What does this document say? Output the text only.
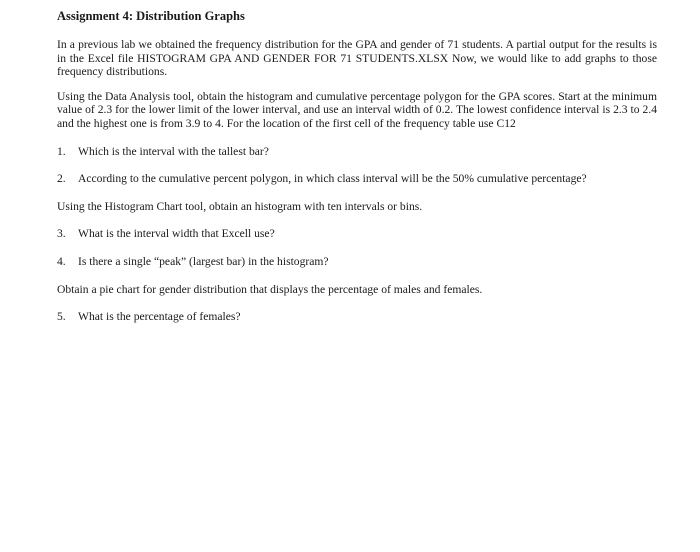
Assignment 4: Distribution Graphs

In a previous lab we obtained the frequency distribution for the GPA and gender of 71 students. A partial output for the results is in the Excel file HISTOGRAM GPA AND GENDER FOR 71 STUDENTS.XLSX Now, we would like to add graphs to those frequency distributions.

Using the Data Analysis tool, obtain the histogram and cumulative percentage polygon for the GPA scores. Start at the minimum value of 2.3 for the lower limit of the lower interval, and use an interval width of 0.2. The lowest confidence interval is 2.3 to 2.4 and the highest one is from 3.9 to 4. For the location of the first cell of the frequency table use C12

1.	Which is the interval with the tallest bar?
2.	According to the cumulative percent polygon, in which class interval will be the 50% cumulative percentage?
Using the Histogram Chart tool, obtain an histogram with ten intervals or bins.
3.	What is the interval width that Excell use?
4.	Is there a single “peak” (largest bar) in the histogram?
Obtain a pie chart for gender distribution that displays the percentage of males and females.
5.	What is the percentage of females?
